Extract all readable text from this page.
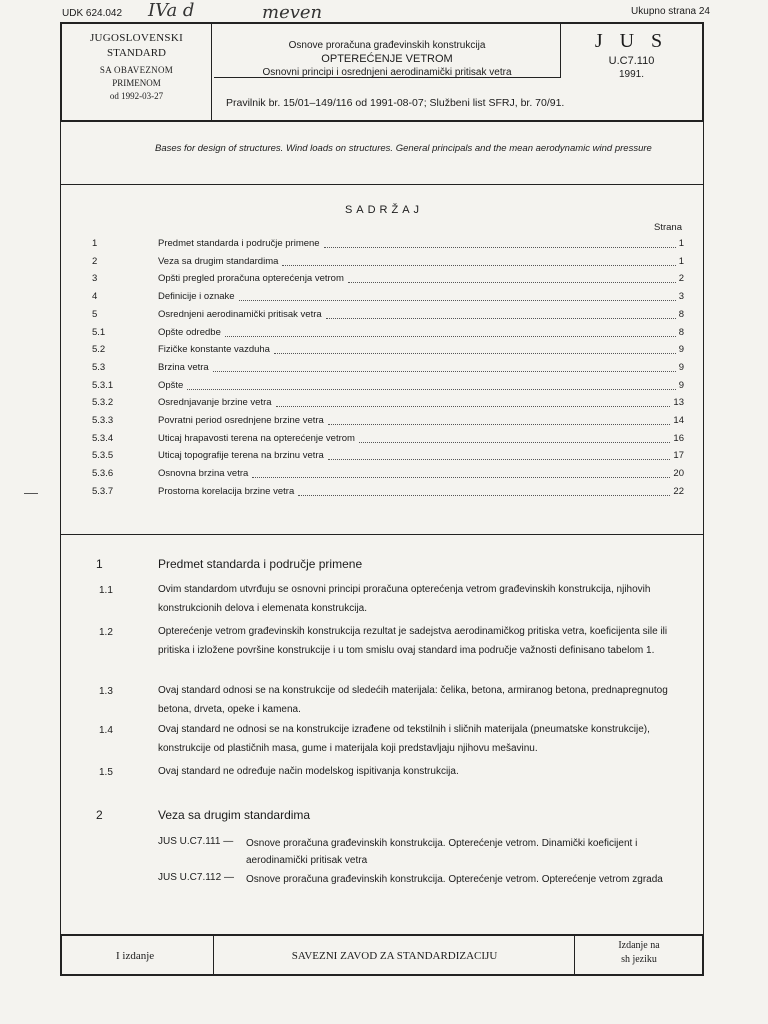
UDK 624.042 IVa d	meven	Ukupno strana 24
JUGOSLOVENSKI
STANDARD
SA OBAVEZNOM
PRIMENOM
od 1992-03-27
Osnove proračuna građevinskih konstrukcija
OPTEREĆENJE VETROM
Osnovni principi i osrednjeni aerodinamički pritisak vetra
J U S
U.C7.110
1991.
Pravilnik br. 15/01–149/116 od 1991-08-07; Službeni list SFRJ, br. 70/91.
Bases for design of structures. Wind loads on structures. General principals and the mean aerodynamic wind pressure
SADRŽAJ
Strana
1	Predmet standarda i područje primene	1
2	Veza sa drugim standardima	1
3	Opšti pregled proračuna opterećenja vetrom	2
4	Definicije i oznake	3
5	Osrednjeni aerodinamički pritisak vetra	8
5.1	Opšte odredbe	8
5.2	Fizičke konstante vazduha	9
5.3	Brzina vetra	9
5.3.1	Opšte	9
5.3.2	Osrednjavanje brzine vetra	13
5.3.3	Povratni period osrednjene brzine vetra	14
5.3.4	Uticaj hrapavosti terena na opterećenje vetrom	16
5.3.5	Uticaj topografije terena na brzinu vetra	17
5.3.6	Osnovna brzina vetra	20
5.3.7	Prostorna korelacija brzine vetra	22
1	Predmet standarda i područje primene
1.1	Ovim standardom utvrđuju se osnovni principi proračuna opterećenja vetrom građevinskih konstrukcija, njihovih konstrukcionih delova i elemenata konstrukcija.
1.2	Opterećenje vetrom građevinskih konstrukcija rezultat je sadejstva aerodinamičkog pritiska vetra, koeficijenta sile ili pritiska i izložene površine konstrukcije i u tom smislu ovaj standard ima područje važnosti definisano tabelom 1.
1.3	Ovaj standard odnosi se na konstrukcije od sledećih materijala: čelika, betona, armiranog betona, prednapregnutog betona, drveta, opeke i kamena.
1.4	Ovaj standard ne odnosi se na konstrukcije izrađene od tekstilnih i sličnih materijala (pneumatske konstrukcije), konstrukcije od plastičnih masa, gume i materijala koji predstavljaju njihovu mešavinu.
1.5	Ovaj standard ne određuje način modelskog ispitivanja konstrukcija.
2	Veza sa drugim standardima
JUS U.C7.111 — Osnove proračuna građevinskih konstrukcija. Opterećenje vetrom. Dinamički koeficijent i aerodinamički pritisak vetra
JUS U.C7.112 — Osnove proračuna građevinskih konstrukcija. Opterećenje vetrom. Opterećenje vetrom zgrada
I izdanje	SAVEZNI ZAVOD ZA STANDARDIZACIJU
Izdanje na
sh jeziku
